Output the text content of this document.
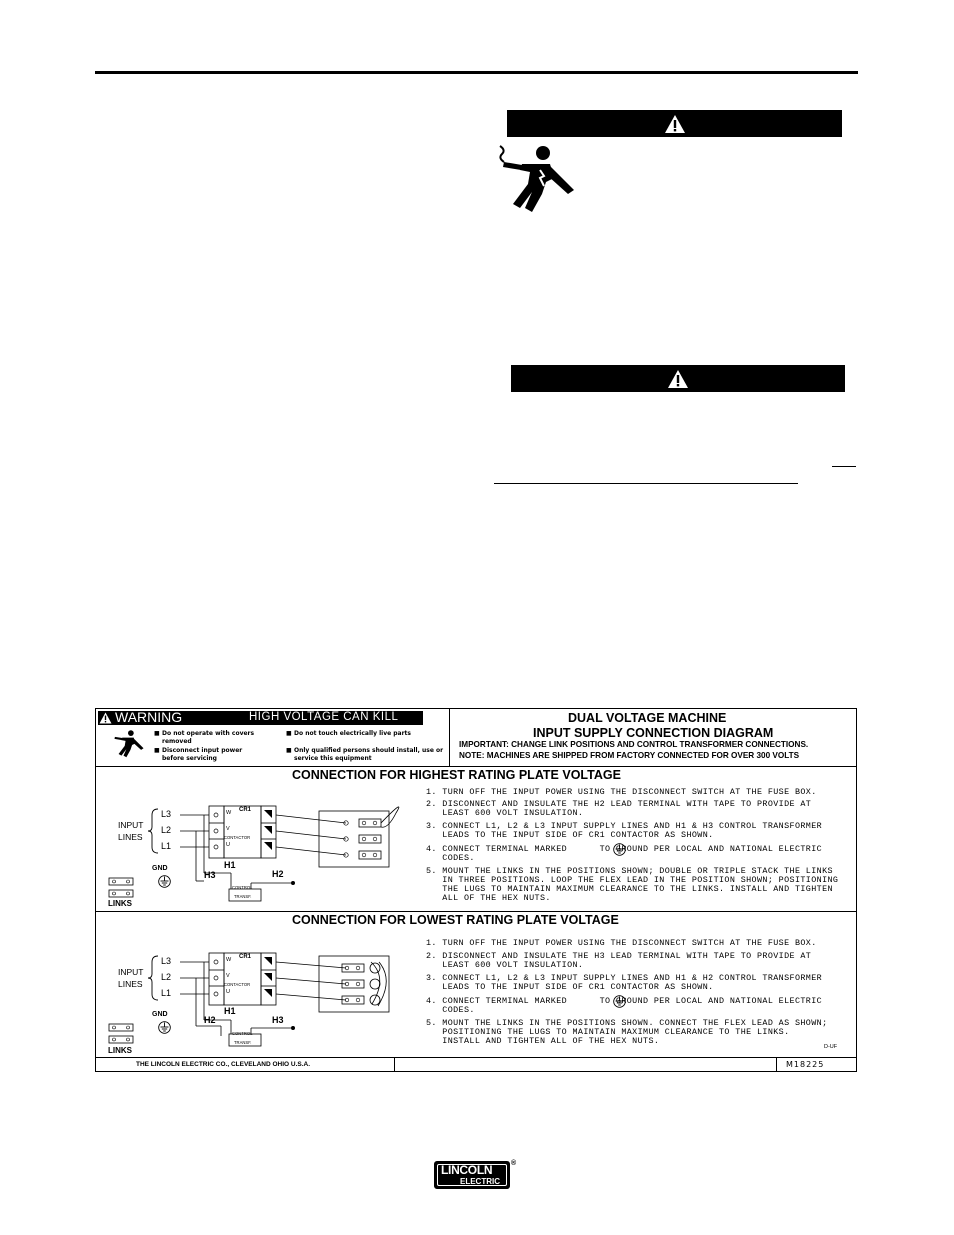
WARNING	HIGH VOLTAGE CAN KILL
■ Do not operate with covers removed
■ Disconnect input power before servicing
■ Do not touch electrically live parts
■ Only qualified persons should install, use or service this equipment
DUAL VOLTAGE MACHINE
INPUT SUPPLY CONNECTION DIAGRAM
IMPORTANT: CHANGE LINK POSITIONS AND CONTROL TRANSFORMER CONNECTIONS.
NOTE: MACHINES ARE SHIPPED FROM FACTORY CONNECTED FOR OVER 300 VOLTS
CONNECTION FOR HIGHEST RATING PLATE VOLTAGE
1. TURN OFF THE INPUT POWER USING THE DISCONNECT SWITCH AT THE FUSE BOX.
2. DISCONNECT AND INSULATE THE H2 LEAD TERMINAL WITH TAPE TO PROVIDE AT
LEAST 600 VOLT INSULATION.
3. CONNECT L1, L2 & L3 INPUT SUPPLY LINES AND H1 & H3 CONTROL TRANSFORMER
LEADS TO THE INPUT SIDE OF CR1 CONTACTOR AS SHOWN.
4. CONNECT TERMINAL MARKED      TO GROUND PER LOCAL AND NATIONAL ELECTRIC
CODES.
5. MOUNT THE LINKS IN THE POSITIONS SHOWN; DOUBLE OR TRIPLE STACK THE LINKS
IN THREE POSITIONS. LOOP THE FLEX LEAD IN THE POSITION SHOWN; POSITIONING
THE LUGS TO MAINTAIN MAXIMUM CLEARANCE TO THE LINKS. INSTALL AND TIGHTEN
ALL OF THE HEX NUTS.
INPUT
LINES
L3
L2
L1
W
V
U
CR1
CONTACTOR
H1
H3	H2
CONTROL
TRANSF.
GND
LINKS
CONNECTION FOR LOWEST RATING PLATE VOLTAGE
1. TURN OFF THE INPUT POWER USING THE DISCONNECT SWITCH AT THE FUSE BOX.
2. DISCONNECT AND INSULATE THE H3 LEAD TERMINAL WITH TAPE TO PROVIDE AT
LEAST 600 VOLT INSULATION.
3. CONNECT L1, L2 & L3 INPUT SUPPLY LINES AND H1 & H2 CONTROL TRANSFORMER
LEADS TO THE INPUT SIDE OF CR1 CONTACTOR AS SHOWN.
4. CONNECT TERMINAL MARKED      TO GROUND PER LOCAL AND NATIONAL ELECTRIC
CODES.
5. MOUNT THE LINKS IN THE POSITIONS SHOWN. CONNECT THE FLEX LEAD AS SHOWN;
POSITIONING THE LUGS TO MAINTAIN MAXIMUM CLEARANCE TO THE LINKS.
INSTALL AND TIGHTEN ALL OF THE HEX NUTS.
D-UF
INPUT
LINES
L3
L2
L1
W
V
U
CR1
CONTACTOR
H1
H2	H3
CONTROL
TRANSF.
GND
LINKS
THE LINCOLN ELECTRIC CO., CLEVELAND OHIO U.S.A.	M18225
LINCOLN
ELECTRIC
®
